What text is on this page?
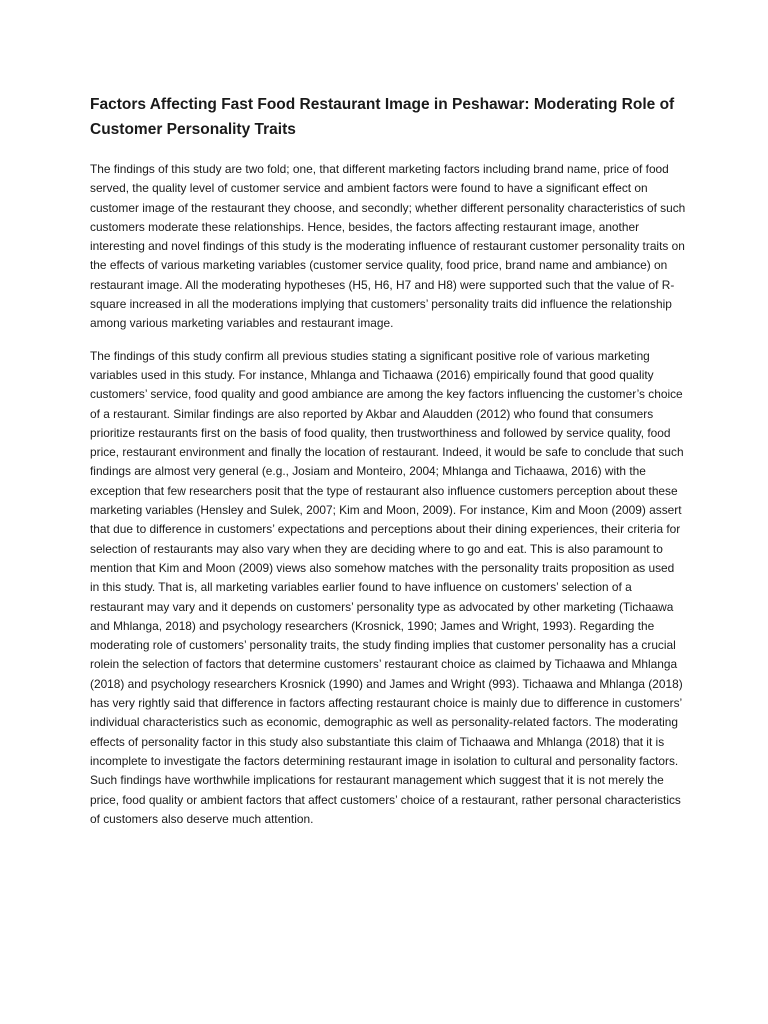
Factors Affecting Fast Food Restaurant Image in Peshawar: Moderating Role of Customer Personality Traits

The findings of this study are two fold; one, that different marketing factors including brand name, price of food served, the quality level of customer service and ambient factors were found to have a significant effect on customer image of the restaurant they choose, and secondly; whether different personality characteristics of such customers moderate these relationships. Hence, besides, the factors affecting restaurant image, another interesting and novel findings of this study is the moderating influence of restaurant customer personality traits on the effects of various marketing variables (customer service quality, food price, brand name and ambiance) on restaurant image. All the moderating hypotheses (H5, H6, H7 and H8) were supported such that the value of R-square increased in all the moderations implying that customers’ personality traits did influence the relationship among various marketing variables and restaurant image.

The findings of this study confirm all previous studies stating a significant positive role of various marketing variables used in this study. For instance, Mhlanga and Tichaawa (2016) empirically found that good quality customers’ service, food quality and good ambiance are among the key factors influencing the customer’s choice of a restaurant. Similar findings are also reported by Akbar and Alaudden (2012) who found that consumers prioritize restaurants first on the basis of food quality, then trustworthiness and followed by service quality, food price, restaurant environment and finally the location of restaurant. Indeed, it would be safe to conclude that such findings are almost very general (e.g., Josiam and Monteiro, 2004; Mhlanga and Tichaawa, 2016) with the exception that few researchers posit that the type of restaurant also influence customers perception about these marketing variables (Hensley and Sulek, 2007; Kim and Moon, 2009). For instance, Kim and Moon (2009) assert that due to difference in customers’ expectations and perceptions about their dining experiences, their criteria for selection of restaurants may also vary when they are deciding where to go and eat. This is also paramount to mention that Kim and Moon (2009) views also somehow matches with the personality traits proposition as used in this study. That is, all marketing variables earlier found to have influence on customers’ selection of a restaurant may vary and it depends on customers’ personality type as advocated by other marketing (Tichaawa and Mhlanga, 2018) and psychology researchers (Krosnick, 1990; James and Wright, 1993). Regarding the moderating role of customers’ personality traits, the study finding implies that customer personality has a crucial rolein the selection of factors that determine customers’ restaurant choice as claimed by Tichaawa and Mhlanga (2018) and psychology researchers Krosnick (1990) and James and Wright (993). Tichaawa and Mhlanga (2018) has very rightly said that difference in factors affecting restaurant choice is mainly due to difference in customers’ individual characteristics such as economic, demographic as well as personality-related factors. The moderating effects of personality factor in this study also substantiate this claim of Tichaawa and Mhlanga (2018) that it is incomplete to investigate the factors determining restaurant image in isolation to cultural and personality factors. Such findings have worthwhile implications for restaurant management which suggest that it is not merely the price, food quality or ambient factors that affect customers’ choice of a restaurant, rather personal characteristics of customers also deserve much attention.
